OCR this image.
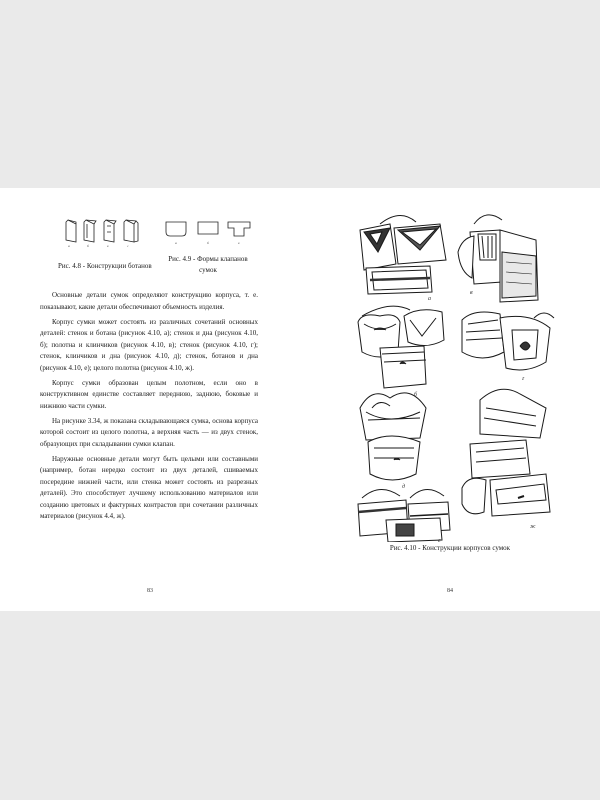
а	б	в	г
а	б	в
Рис. 4.8 - Конструкции ботанов
Рис. 4.9 - Формы клапанов сумок

Основные детали сумок определяют конструкцию корпуса, т. е. показывают, какие детали обеспечивают объемность изделия.

Корпус сумки может состоять из различных сочетаний основных деталей: стенок и ботана (рисунок 4.10, а); стенок и дна (рисунок 4.10, б); полотна и клинчиков (рисунок 4.10, в); стенок (рисунок 4.10, г); стенок, клинчиков и дна (рисунок 4.10, д); стенок, ботанов и дна (рисунок 4.10, е); целого полотна (рисунок 4.10, ж).

Корпус сумки образован целым полотном, если оно в конструктивном единстве составляет переднюю, заднюю, боковые и нижнюю части сумки.

На рисунке 3.34, ж показана складывающаяся сумка, основа корпуса которой состоит из целого полотна, а верхняя часть — из двух стенок, образующих при складывании сумки клапан.

Наружные основные детали могут быть целыми или составными (например, ботан нередко состоит из двух деталей, сшиваемых посередине нижней части, или стенка может состоять из разрезных деталей). Это способствует лучшему использованию материалов или созданию цветовых и фактурных контрастов при сочетании различных материалов (рисунок 4.4, ж).

83
а
в
б
г
д
ж
е
Рис. 4.10 - Конструкции корпусов сумок
84
